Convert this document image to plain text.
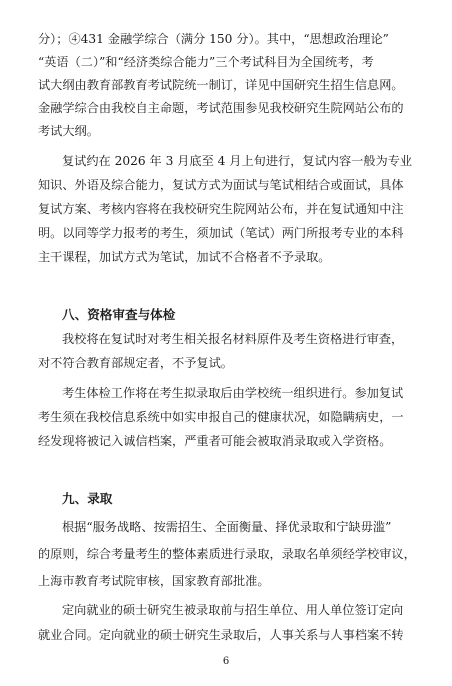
分）；④431 金融学综合（满分 150 分）。其中，“思想政治理论”
“英语（二）”和“经济类综合能力”三个考试科目为全国统考，考
试大纲由教育部教育考试院统一制订，详见中国研究生招生信息网。
金融学综合由我校自主命题，考试范围参见我校研究生院网站公布的
考试大纲。
复试约在 2026 年 3 月底至 4 月上旬进行，复试内容一般为专业
知识、外语及综合能力，复试方式为面试与笔试相结合或面试，具体
复试方案、考核内容将在我校研究生院网站公布，并在复试通知中注
明。以同等学力报考的考生，须加试（笔试）两门所报考专业的本科
主干课程，加试方式为笔试，加试不合格者不予录取。
八、资格审查与体检
我校将在复试时对考生相关报名材料原件及考生资格进行审查，
对不符合教育部规定者，不予复试。
考生体检工作将在考生拟录取后由学校统一组织进行。参加复试
考生须在我校信息系统中如实申报自己的健康状况，如隐瞒病史，一
经发现将被记入诚信档案，严重者可能会被取消录取或入学资格。
九、录取
根据“服务战略、按需招生、全面衡量、择优录取和宁缺毋滥”
的原则，综合考量考生的整体素质进行录取，录取名单须经学校审议，
上海市教育考试院审核，国家教育部批准。
定向就业的硕士研究生被录取前与招生单位、用人单位签订定向
就业合同。定向就业的硕士研究生录取后，人事关系与人事档案不转
6
